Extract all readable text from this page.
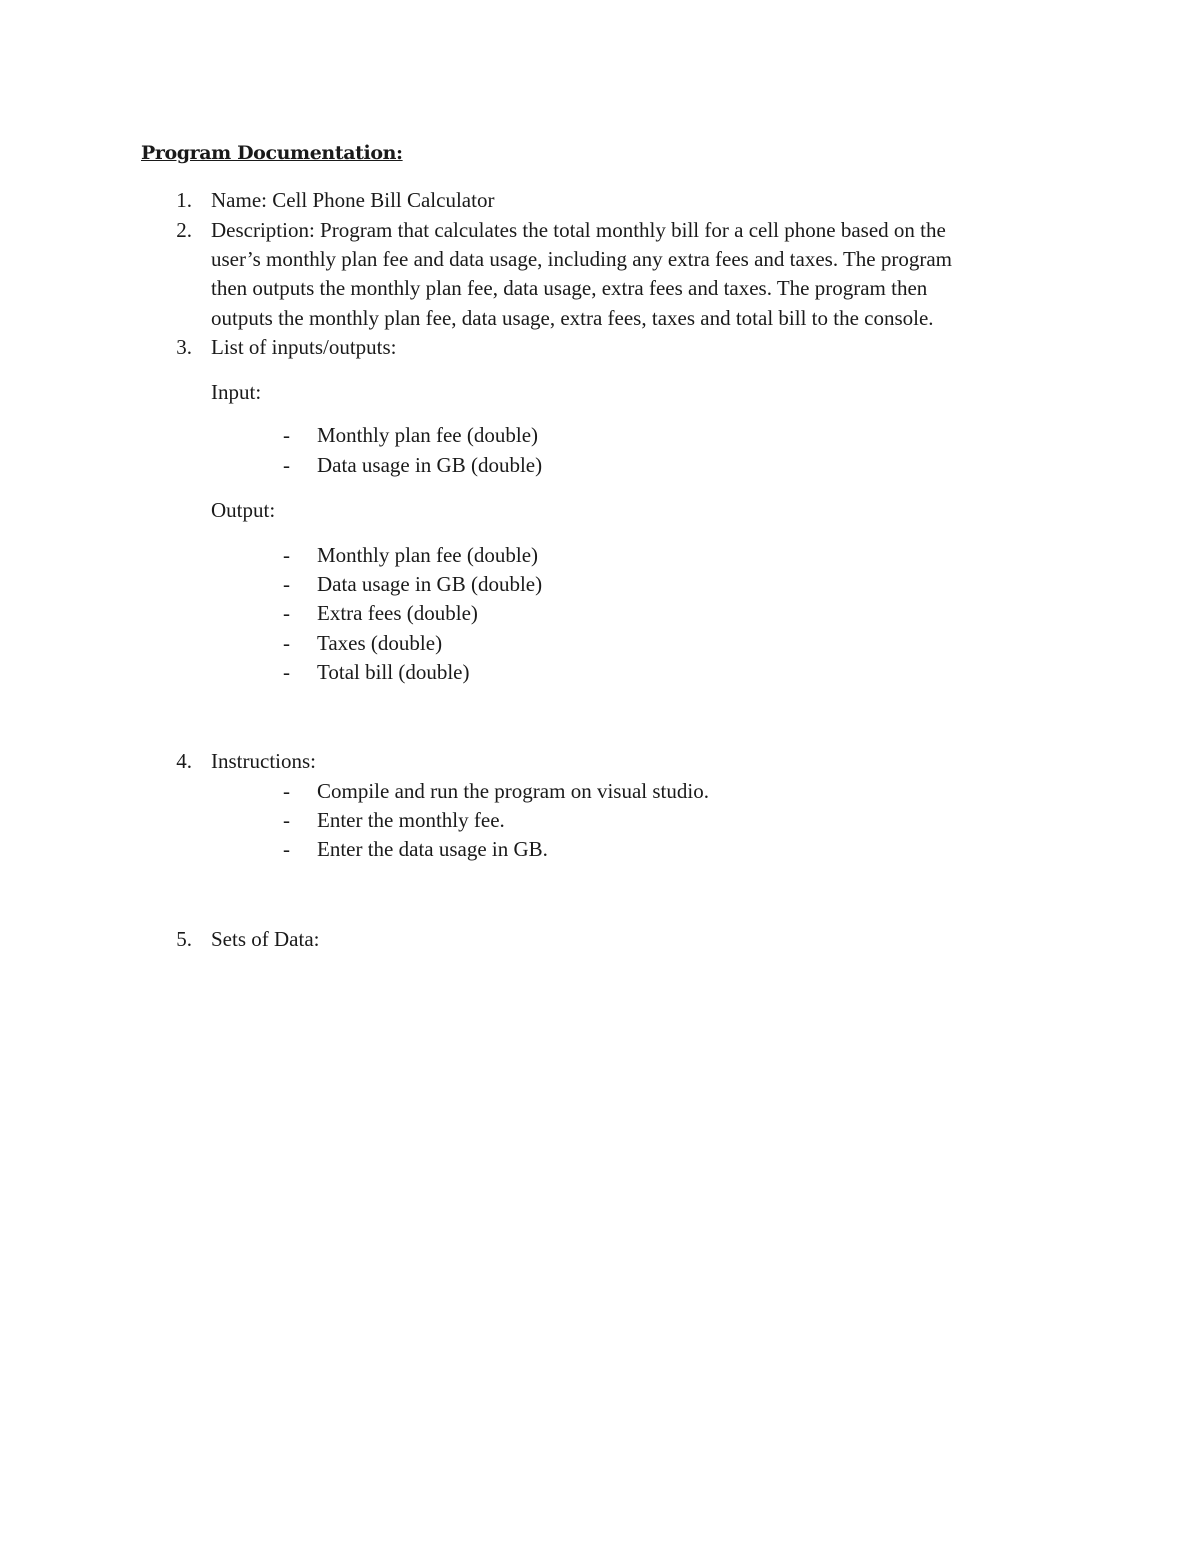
Program Documentation:
1. Name: Cell Phone Bill Calculator
2. Description: Program that calculates the total monthly bill for a cell phone based on the
user’s monthly plan fee and data usage, including any extra fees and taxes. The program
then outputs the monthly plan fee, data usage, extra fees and taxes. The program then
outputs the monthly plan fee, data usage, extra fees, taxes and total bill to the console.
3. List of inputs/outputs:
Input:
- Monthly plan fee (double)
- Data usage in GB (double)
Output:
- Monthly plan fee (double)
- Data usage in GB (double)
- Extra fees (double)
- Taxes (double)
- Total bill (double)
4. Instructions:
- Compile and run the program on visual studio.
- Enter the monthly fee.
- Enter the data usage in GB.
5. Sets of Data:
